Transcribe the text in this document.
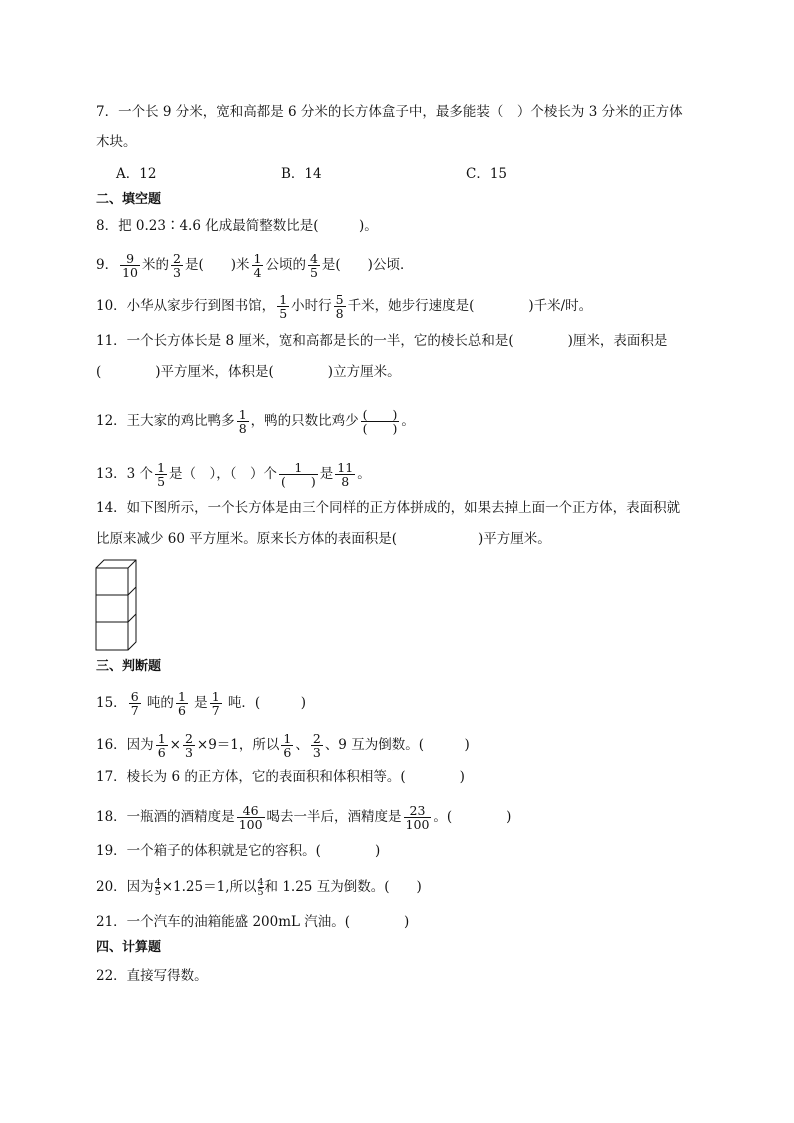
7．一个长 9 分米，宽和高都是 6 分米的长方体盒子中，最多能装（　）个棱长为 3 分米的正方体
木块。
A．12	B．14	C．15
二、填空题
8．把 0.23∶4.6 化成最简整数比是(　　　)。
9． $\frac{9}{10}$ 米的 $\frac{2}{3}$ 是(　　)米 $\frac{1}{4}$ 公顷的 $\frac{4}{5}$ 是(　　)公顷．
10．小华从家步行到图书馆， $\frac{1}{5}$ 小时行 $\frac{5}{8}$ 千米，她步行速度是(　　　　)千米/时。
11．一个长方体长是 8 厘米，宽和高都是长的一半，它的棱长总和是(　　　　)厘米，表面积是
(　　　　)平方厘米，体积是(　　　　)立方厘米。
12．王大家的鸡比鸭多 $\frac{1}{8}$ ，鸭的只数比鸡少 $\frac{( )}{( )}$ 。
13．3 个 $\frac{1}{5}$ 是（　），（　）个 $\frac{1}{( )}$ 是 $\frac{11}{8}$ 。
14．如下图所示，一个长方体是由三个同样的正方体拼成的，如果去掉上面一个正方体，表面积就
比原来减少 60 平方厘米。原来长方体的表面积是(　　　　　　)平方厘米。
三、判断题
15． $\frac{6}{7}$ 吨的 $\frac{1}{6}$ 是 $\frac{1}{7}$ 吨．(　　　)
16．因为 $\frac{1}{6} \times \frac{2}{3} \times 9=1$，所以 $\frac{1}{6}$ 、 $\frac{2}{3}$ 、9 互为倒数。(　　　)
17．棱长为 6 的正方体，它的表面积和体积相等。(　　　　)
18．一瓶酒的酒精度是 $\frac{46}{100}$ 喝去一半后，酒精度是 $\frac{23}{100}$ 。(　　　　)
19．一个箱子的体积就是它的容积。(　　　　)
20．因为 $\frac{4}{5} \times 1.25=1$,所以 $\frac{4}{5}$ 和 1.25 互为倒数。(　　)
21．一个汽车的油箱能盛 200mL 汽油。(　　　　)
四、计算题
22．直接写得数。
